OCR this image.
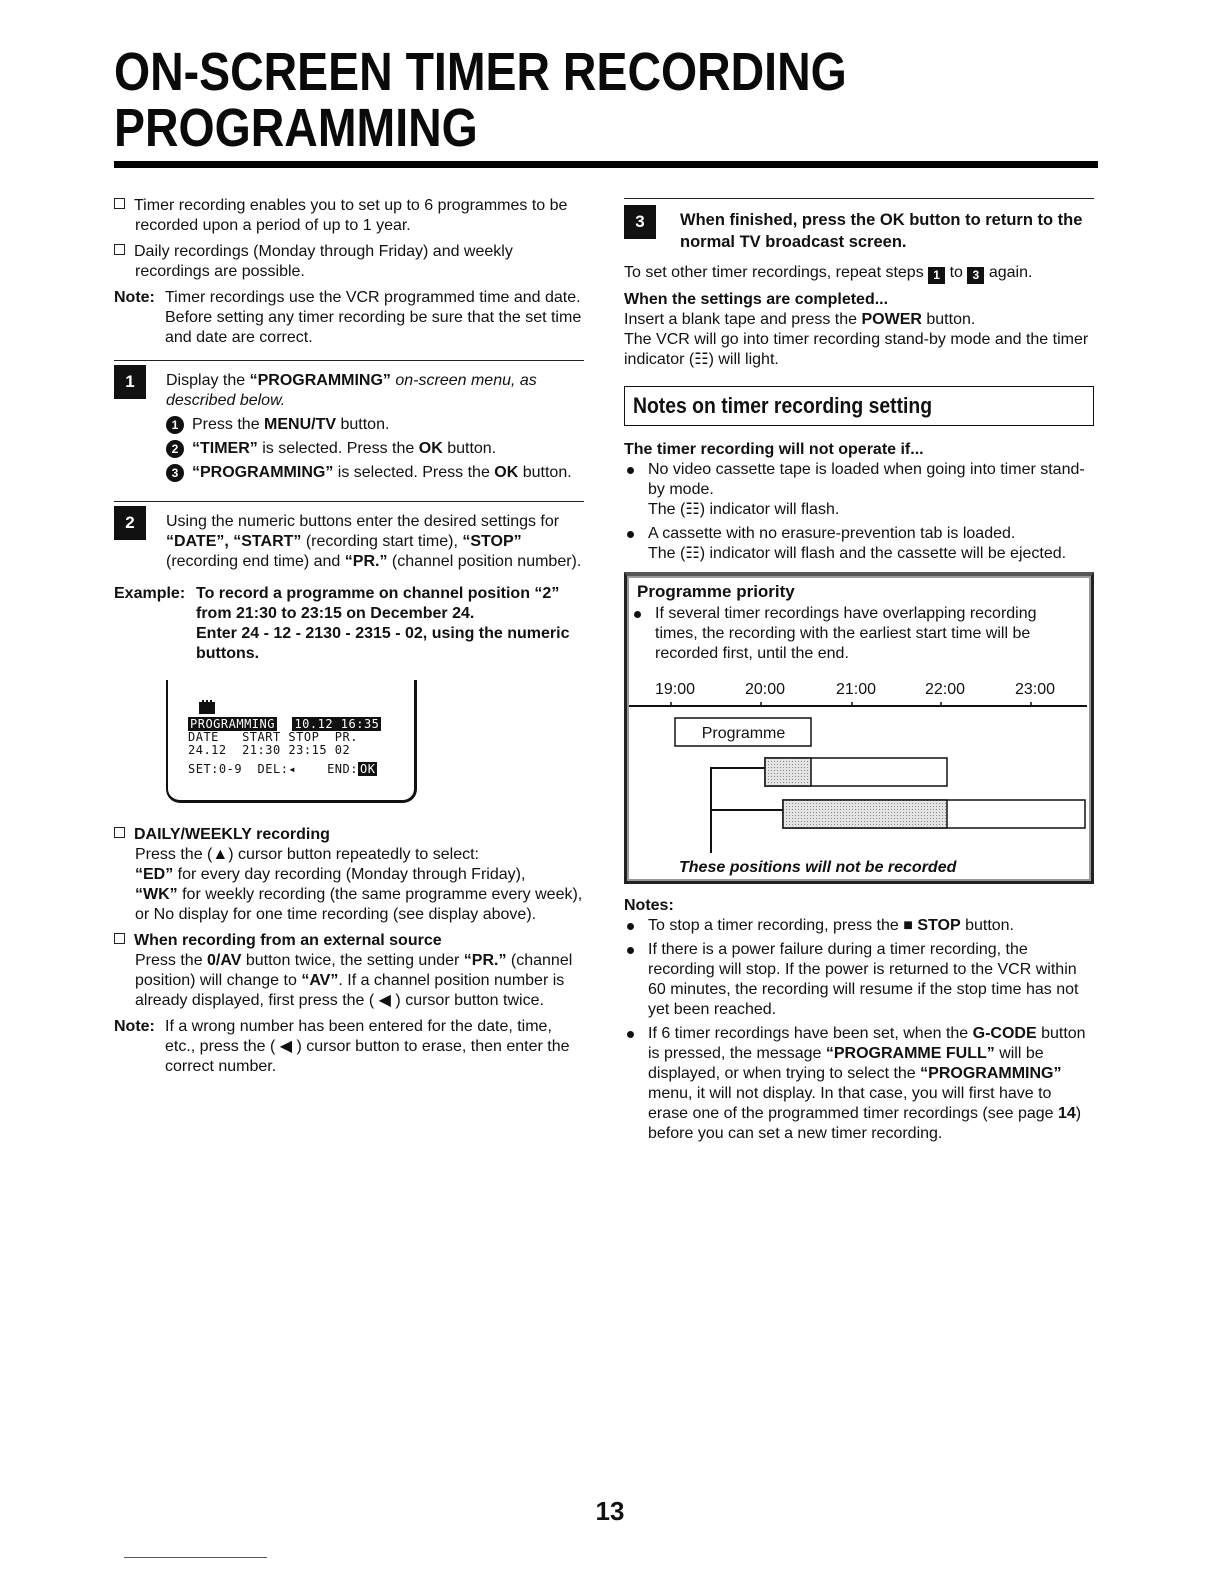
ON-SCREEN TIMER RECORDING
PROGRAMMING
Timer recording enables you to set up to 6 programmes to be recorded upon a period of up to 1 year.
Daily recordings (Monday through Friday) and weekly recordings are possible.
Note: Timer recordings use the VCR programmed time and date. Before setting any timer recording be sure that the set time and date are correct.
1	Display the “PROGRAMMING” on-screen menu, as described below.
1 Press the MENU/TV button.
2 “TIMER” is selected. Press the OK button.
3 “PROGRAMMING” is selected. Press the OK button.
2	Using the numeric buttons enter the desired settings for “DATE”, “START” (recording start time), “STOP” (recording end time) and “PR.” (channel position number).
Example: To record a programme on channel position “2” from 21:30 to 23:15 on December 24.
Enter 24 - 12 - 2130 - 2315 - 02, using the numeric buttons.
PROGRAMMING 10.12 16:35
DATE   START STOP  PR.
24.12  21:30 23:15 02
SET:0-9 DEL:◂	END: OK
DAILY/WEEKLY recording
Press the (▲) cursor button repeatedly to select:
“ED” for every day recording (Monday through Friday),
“WK” for weekly recording (the same programme every week), or No display for one time recording (see display above).
When recording from an external source
Press the 0/AV button twice, the setting under “PR.” (channel position) will change to “AV”. If a channel position number is already displayed, first press the ( ◀ ) cursor button twice.
Note: If a wrong number has been entered for the date, time, etc., press the ( ◀ ) cursor button to erase, then enter the correct number.
3	When finished, press the OK button to return to the normal TV broadcast screen.
To set other timer recordings, repeat steps 1 to 3 again.
When the settings are completed...
Insert a blank tape and press the POWER button.
The VCR will go into timer recording stand-by mode and the timer indicator (☷) will light.
Notes on timer recording setting
The timer recording will not operate if...
No video cassette tape is loaded when going into timer stand-by mode.
The (☷) indicator will flash.
A cassette with no erasure-prevention tab is loaded.
The (☷) indicator will flash and the cassette will be ejected.
Programme priority
If several timer recordings have overlapping recording times, the recording with the earliest start time will be recorded first, until the end.
19:00	20:00	21:00	22:00	23:00
Programme
These positions will not be recorded
Notes:
To stop a timer recording, press the ■ STOP button.
If there is a power failure during a timer recording, the recording will stop. If the power is returned to the VCR within 60 minutes, the recording will resume if the stop time has not yet been reached.
If 6 timer recordings have been set, when the G-CODE button is pressed, the message “PROGRAMME FULL” will be displayed, or when trying to select the “PROGRAMMING” menu, it will not display. In that case, you will first have to erase one of the programmed timer recordings (see page 14) before you can set a new timer recording.
13
